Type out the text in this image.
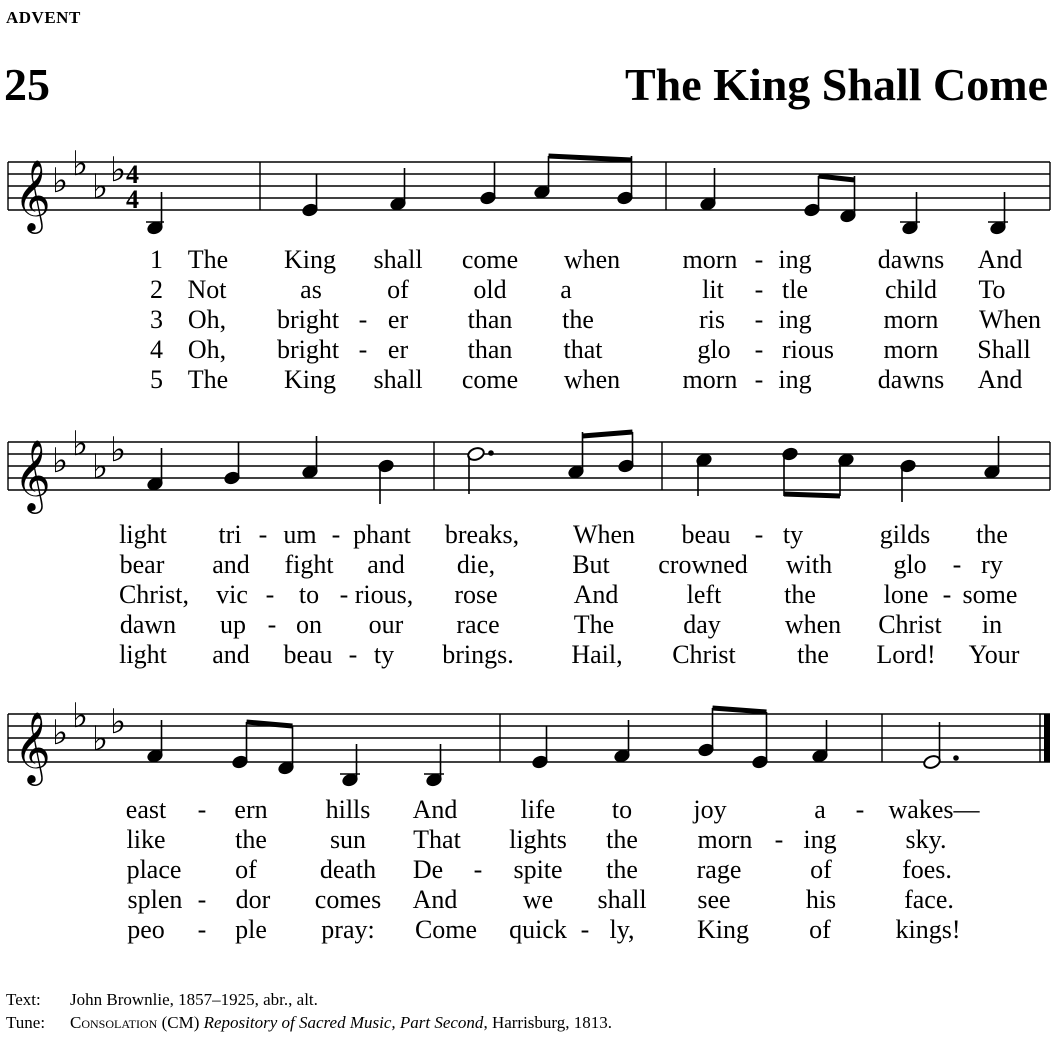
ADVENT
25	The King Shall Come
𝄞 ♭ ♭
♭ ♭ 4
4
1
2
3
4
5
The King shall come when morn - ing	dawns And
Not	as	of old a	lit - tle	child To
Oh, bright - er than the	ris - ing	morn When
Oh, bright - er than that	glo - rious morn Shall
The King shall come when morn - ing	dawns And
𝄞 ♭ ♭
♭ ♭
light tri - um - phant breaks, When beau - ty	gilds the
bear and fight and die,	But crowned with glo - ry
Christ, vic - to - rious, rose	And	left the	lone - some
dawn up - on our race	The	day when Christ in
light and beau - ty brings. Hail, Christ the Lord! Your
𝄞 ♭ ♭
♭ ♭
east - ern hills And life to joy	a - wakes—
like	the sun That lights the morn - ing	sky.
place of death De - spite the rage	of	foes.
splen - dor comes And	we shall see	his	face.
peo - ple pray: Come quick - ly, King of kings!
Text: John Brownlie, 1857–1925, abr., alt.
Tune: Consolation (CM) Repository of Sacred Music, Part Second, Harrisburg, 1813.
